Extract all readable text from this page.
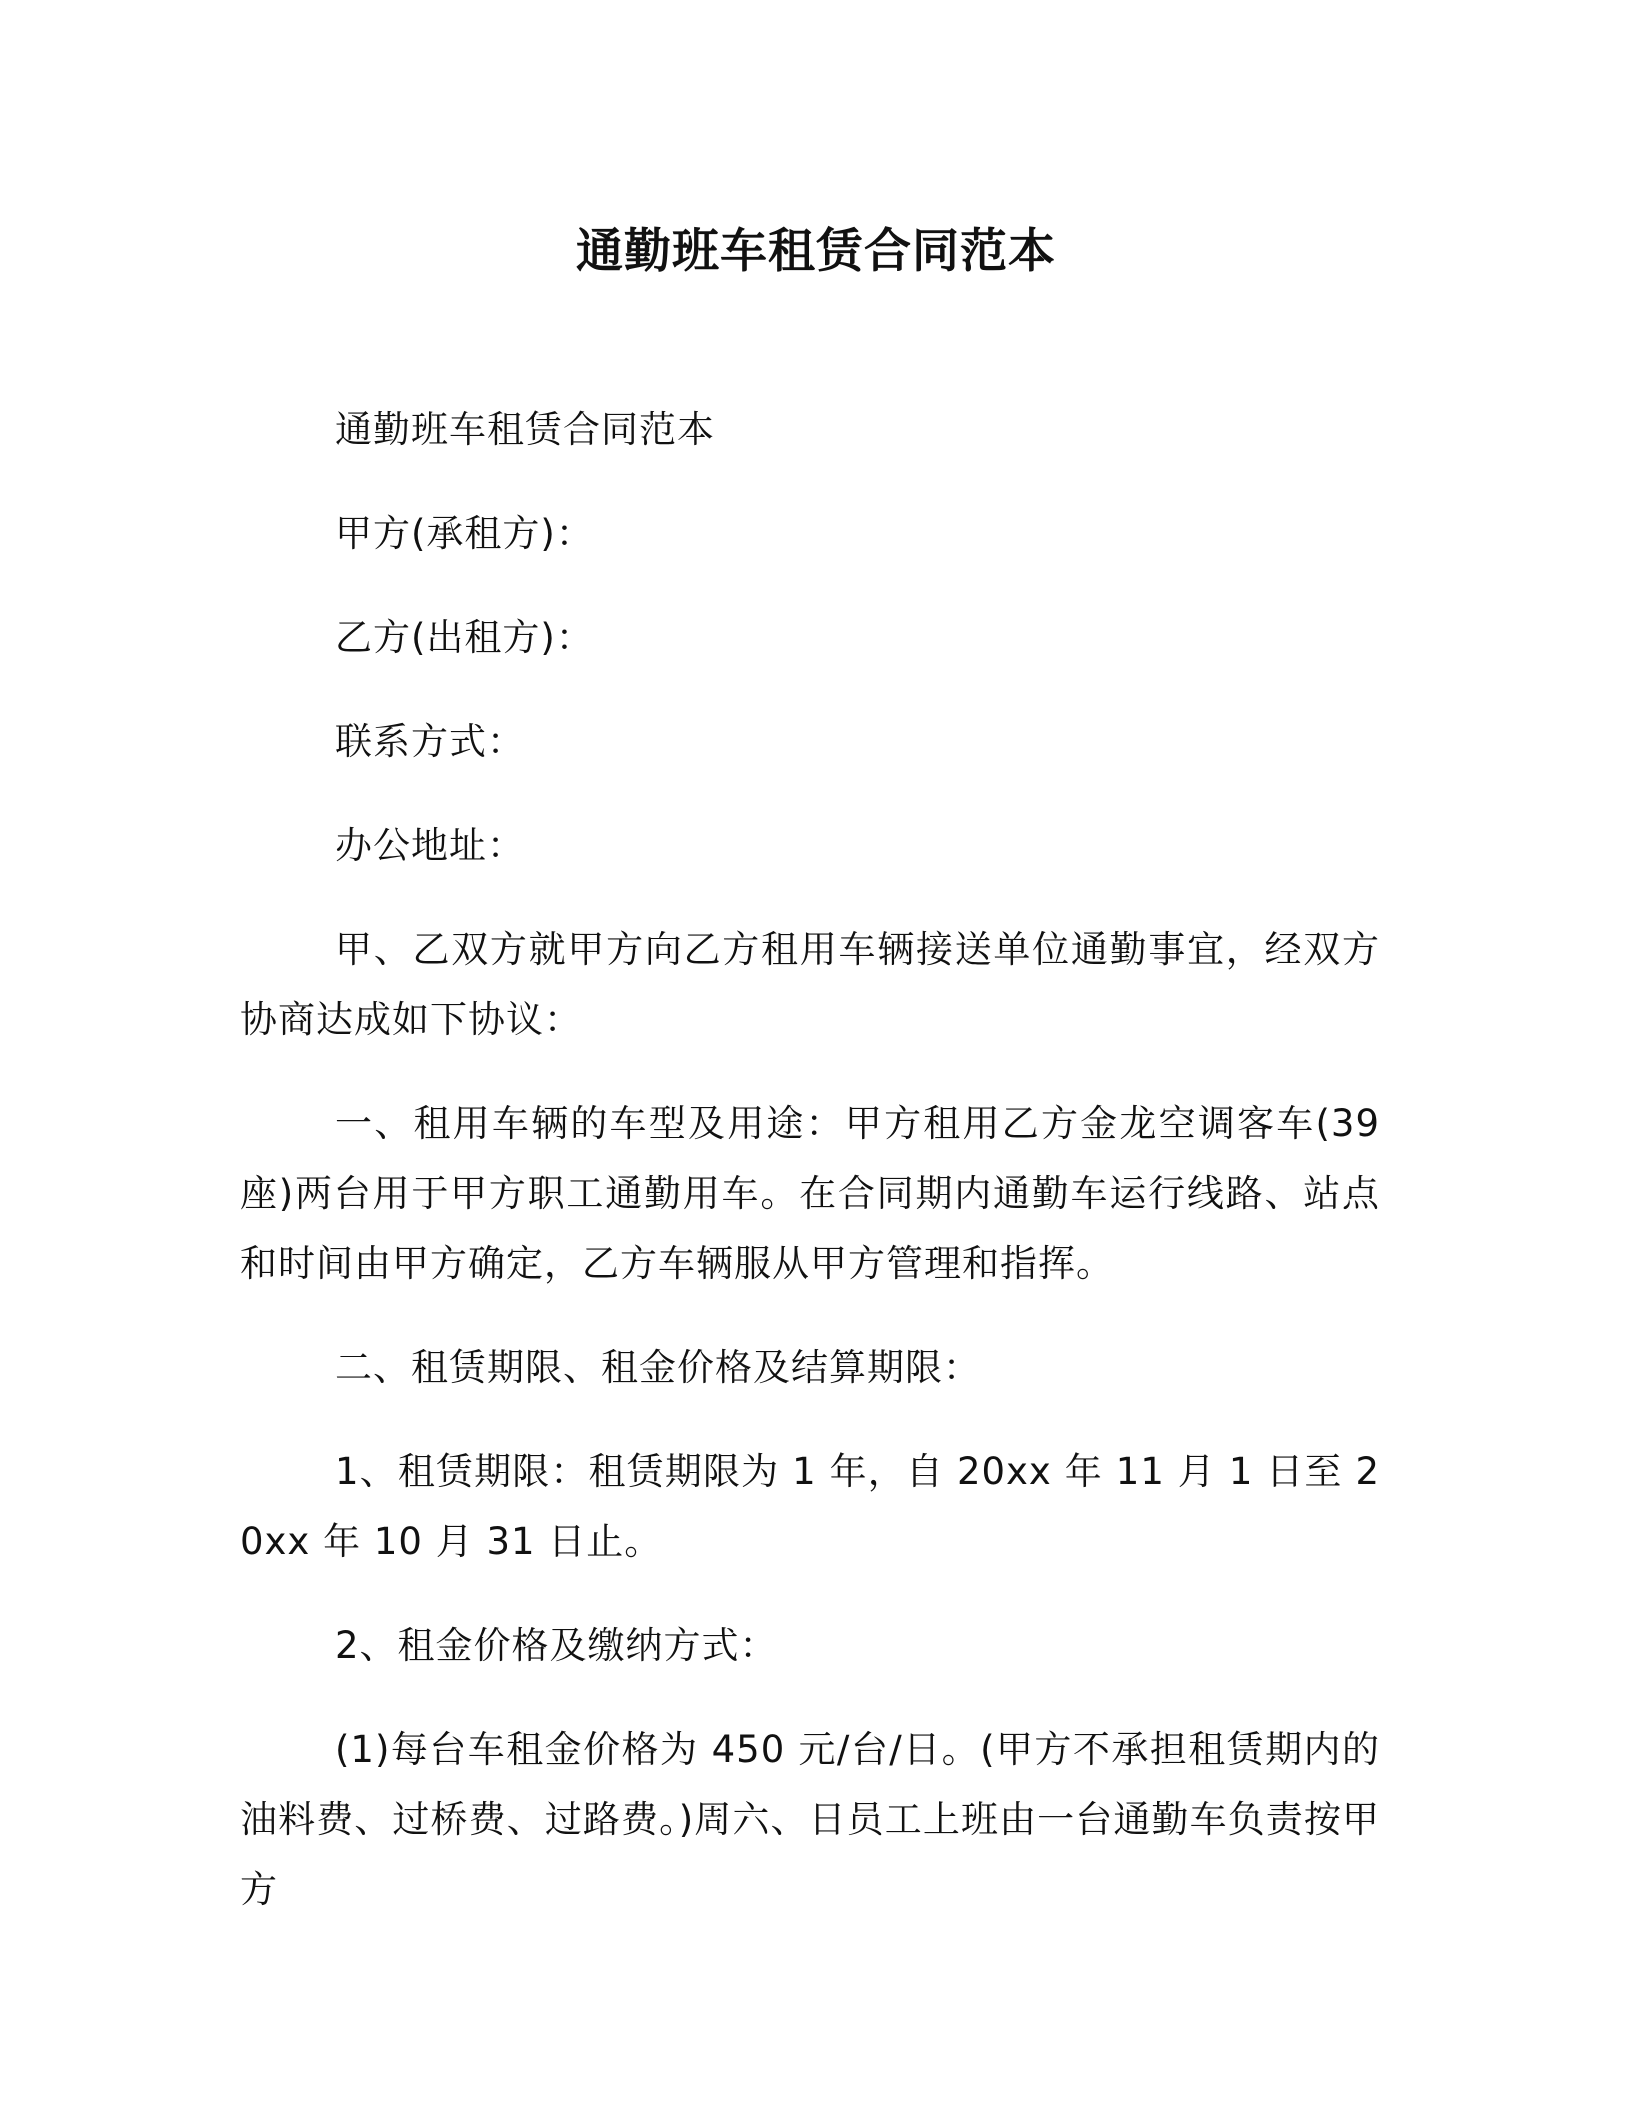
通勤班车租赁合同范本

通勤班车租赁合同范本

甲方(承租方)：

乙方(出租方)：

联系方式：

办公地址：

甲、乙双方就甲方向乙方租用车辆接送单位通勤事宜，经双方协商达成如下协议：

一、租用车辆的车型及用途：甲方租用乙方金龙空调客车(39 座)两台用于甲方职工通勤用车。在合同期内通勤车运行线路、站点和时间由甲方确定，乙方车辆服从甲方管理和指挥。

二、租赁期限、租金价格及结算期限：

1、租赁期限：租赁期限为 1 年，自 20xx 年 11 月 1 日至 20xx 年 10 月 31 日止。

2、租金价格及缴纳方式：

(1)每台车租金价格为 450 元/台/日。(甲方不承担租赁期内的油料费、过桥费、过路费。)周六、日员工上班由一台通勤车负责按甲方
